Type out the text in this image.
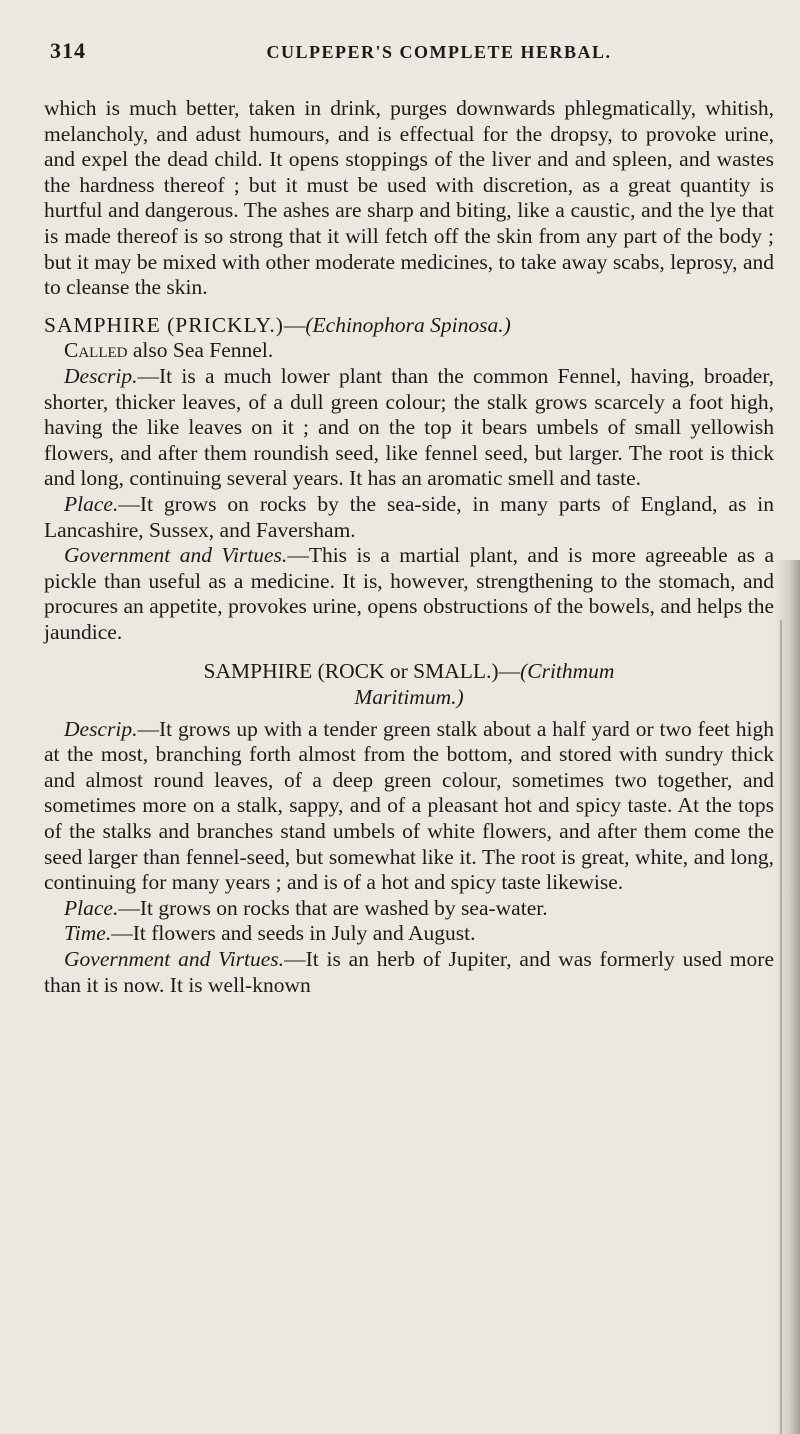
314	CULPEPER'S COMPLETE HERBAL.

which is much better, taken in drink, purges downwards phlegmatically, whitish, melancholy, and adust humours, and is effectual for the dropsy, to provoke urine, and expel the dead child. It opens stoppings of the liver and and spleen, and wastes the hardness thereof ; but it must be used with discretion, as a great quantity is hurtful and dangerous. The ashes are sharp and biting, like a caustic, and the lye that is made thereof is so strong that it will fetch off the skin from any part of the body ; but it may be mixed with other moderate medicines, to take away scabs, leprosy, and to cleanse the skin.

SAMPHIRE (PRICKLY.)—(Echinophora Spinosa.)

Called also Sea Fennel.

Descrip.—It is a much lower plant than the common Fennel, having, broader, shorter, thicker leaves, of a dull green colour; the stalk grows scarcely a foot high, having the like leaves on it ; and on the top it bears umbels of small yellowish flowers, and after them roundish seed, like fennel seed, but larger. The root is thick and long, continuing several years. It has an aromatic smell and taste.

Place.—It grows on rocks by the sea-side, in many parts of England, as in Lancashire, Sussex, and Faversham.

Government and Virtues.—This is a martial plant, and is more agreeable as a pickle than useful as a medicine. It is, however, strengthening to the stomach, and procures an appetite, provokes urine, opens obstructions of the bowels, and helps the jaundice.

SAMPHIRE (ROCK or SMALL.)—(Crithmum
Maritimum.)

Descrip.—It grows up with a tender green stalk about a half yard or two feet high at the most, branching forth almost from the bottom, and stored with sundry thick and almost round leaves, of a deep green colour, sometimes two together, and sometimes more on a stalk, sappy, and of a pleasant hot and spicy taste. At the tops of the stalks and branches stand umbels of white flowers, and after them come the seed larger than fennel-seed, but somewhat like it. The root is great, white, and long, continuing for many years ; and is of a hot and spicy taste likewise.

Place.—It grows on rocks that are washed by sea-water.

Time.—It flowers and seeds in July and August.

Government and Virtues.—It is an herb of Jupiter, and was formerly used more than it is now. It is well-known
